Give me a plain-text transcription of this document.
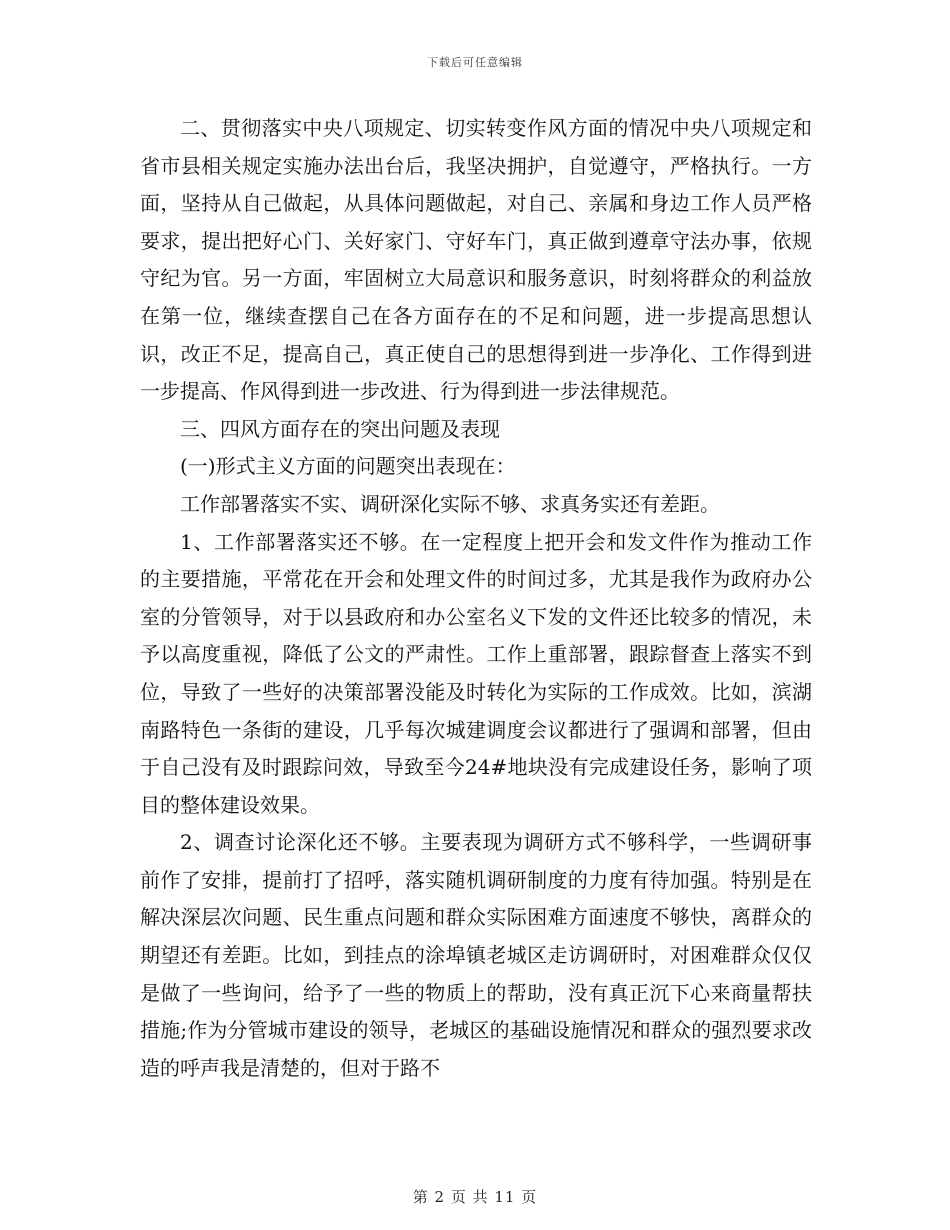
下载后可任意编辑

二、贯彻落实中央八项规定、切实转变作风方面的情况中央八项规定和省市县相关规定实施办法出台后，我坚决拥护，自觉遵守，严格执行。一方面，坚持从自己做起，从具体问题做起，对自己、亲属和身边工作人员严格要求，提出把好心门、关好家门、守好车门，真正做到遵章守法办事，依规守纪为官。另一方面，牢固树立大局意识和服务意识，时刻将群众的利益放在第一位，继续查摆自己在各方面存在的不足和问题，进一步提高思想认识，改正不足，提高自己，真正使自己的思想得到进一步净化、工作得到进一步提高、作风得到进一步改进、行为得到进一步法律规范。

三、四风方面存在的突出问题及表现

(一)形式主义方面的问题突出表现在：

工作部署落实不实、调研深化实际不够、求真务实还有差距。

1、工作部署落实还不够。在一定程度上把开会和发文件作为推动工作的主要措施，平常花在开会和处理文件的时间过多，尤其是我作为政府办公室的分管领导，对于以县政府和办公室名义下发的文件还比较多的情况，未予以高度重视，降低了公文的严肃性。工作上重部署，跟踪督查上落实不到位，导致了一些好的决策部署没能及时转化为实际的工作成效。比如，滨湖南路特色一条街的建设，几乎每次城建调度会议都进行了强调和部署，但由于自己没有及时跟踪问效，导致至今24#地块没有完成建设任务，影响了项目的整体建设效果。

2、调查讨论深化还不够。主要表现为调研方式不够科学，一些调研事前作了安排，提前打了招呼，落实随机调研制度的力度有待加强。特别是在解决深层次问题、民生重点问题和群众实际困难方面速度不够快，离群众的期望还有差距。比如，到挂点的涂埠镇老城区走访调研时，对困难群众仅仅是做了一些询问，给予了一些的物质上的帮助，没有真正沉下心来商量帮扶措施;作为分管城市建设的领导，老城区的基础设施情况和群众的强烈要求改造的呼声我是清楚的，但对于路不

第 2 页 共 11 页
